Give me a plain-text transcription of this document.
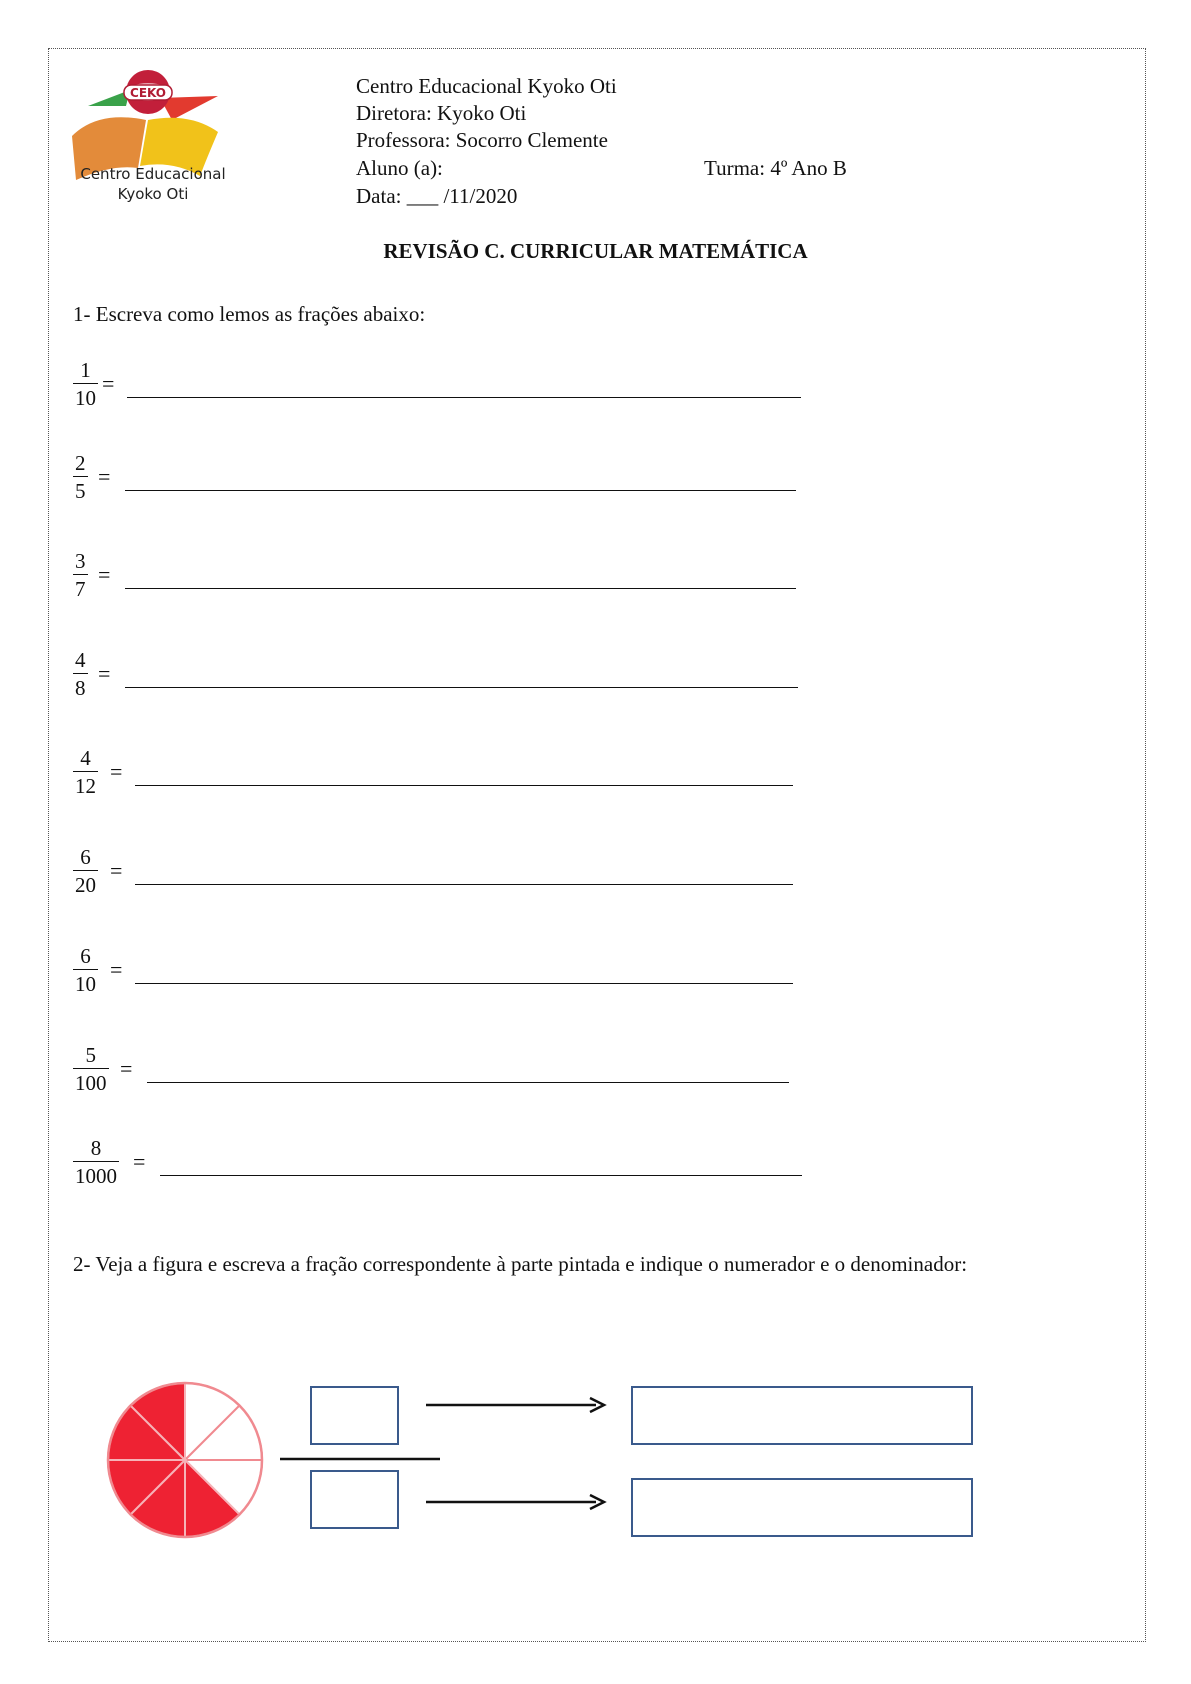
CEKO
Centro Educacional
Kyoko Oti
Centro Educacional Kyoko Oti
Diretora: Kyoko Oti
Professora: Socorro Clemente
Aluno (a):	Turma: 4º Ano B
Data: ___ /11/2020
REVISÃO C. CURRICULAR MATEMÁTICA
1- Escreva como lemos as frações abaixo:
1
10
=
2
5
=
3
7
=
4
8
=
4
12
=
6
20
=
6
10
=
5
100
=
8
1000
=
2- Veja a figura e escreva a fração correspondente à parte pintada e indique o numerador e o denominador:
